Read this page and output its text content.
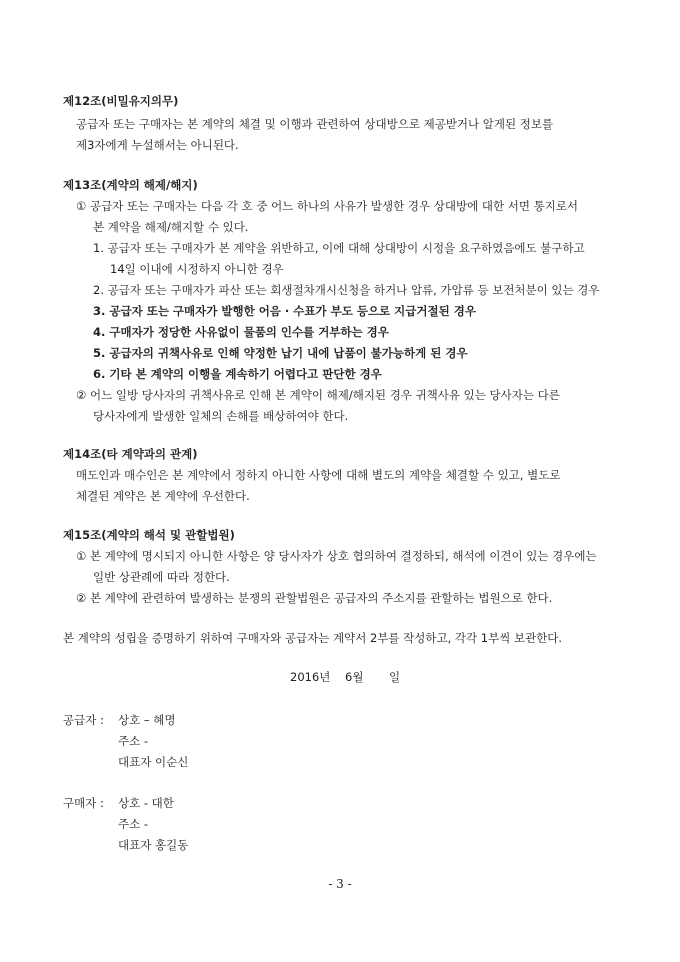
제12조(비밀유지의무)
공급자 또는 구매자는 본 계약의 체결 및 이행과 관련하여 상대방으로 제공받거나 알게된 정보를
제3자에게 누설해서는 아니된다.
제13조(계약의 해제/해지)
① 공급자 또는 구매자는 다음 각 호 중 어느 하나의 사유가 발생한 경우 상대방에 대한 서면 통지로서
본 계약을 해제/해지할 수 있다.
1. 공급자 또는 구매자가 본 계약을 위반하고, 이에 대해 상대방이 시정을 요구하였음에도 불구하고
14일 이내에 시정하지 아니한 경우
2. 공급자 또는 구매자가 파산 또는 회생절차개시신청을 하거나 압류, 가압류 등 보전처분이 있는 경우
3. 공급자 또는 구매자가 발행한 어음 · 수표가 부도 등으로 지급거절된 경우
4. 구매자가 정당한 사유없이 물품의 인수를 거부하는 경우
5. 공급자의 귀책사유로 인해 약정한 납기 내에 납품이 불가능하게 된 경우
6. 기타 본 계약의 이행을 계속하기 어렵다고 판단한 경우
② 어느 일방 당사자의 귀책사유로 인해 본 계약이 해제/해지된 경우 귀책사유 있는 당사자는 다른
당사자에게 발생한 일체의 손해를 배상하여야 한다.
제14조(타 계약과의 관계)
매도인과 매수인은 본 계약에서 정하지 아니한 사항에 대해 별도의 계약을 체결할 수 있고, 별도로
체결된 계약은 본 계약에 우선한다.
제15조(계약의 해석 및 관할법원)
① 본 계약에 명시되지 아니한 사항은 양 당사자가 상호 협의하여 결정하되, 해석에 이견이 있는 경우에는
일반 상관례에 따라 정한다.
② 본 계약에 관련하여 발생하는 분쟁의 관할법원은 공급자의 주소지를 관할하는 법원으로 한다.
본 계약의 성립을 증명하기 위하여 구매자와 공급자는 계약서 2부를 작성하고, 각각 1부씩 보관한다.
2016년 6월 일
공급자 : 상호 – 혜명
주소 -
대표자 이순신
구매자 : 상호 - 대한
주소 -
대표자 홍길동
- 3 -
